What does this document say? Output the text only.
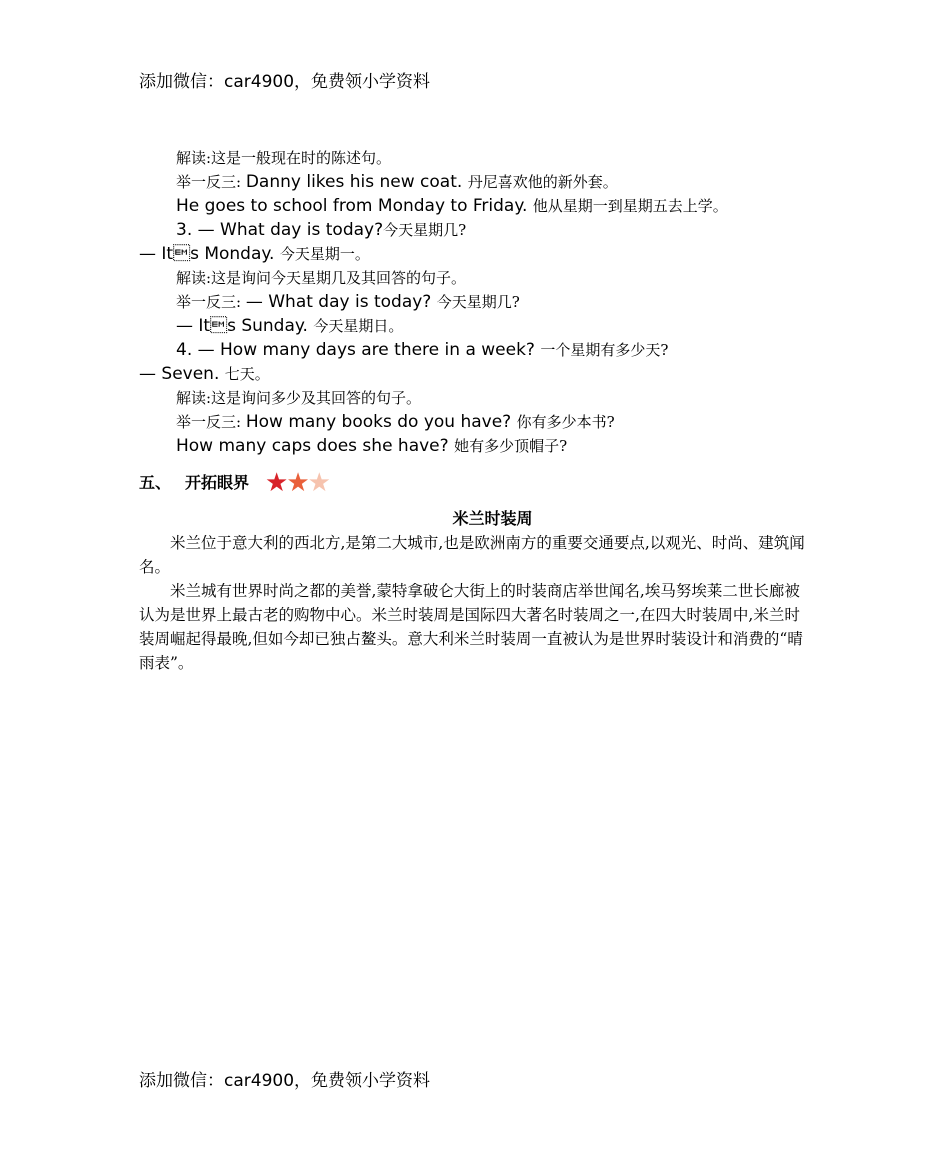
添加微信：car4900，免费领小学资料
解读:这是一般现在时的陈述句。
举一反三: Danny likes his new coat. 丹尼喜欢他的新外套。
He goes to school from Monday to Friday. 他从星期一到星期五去上学。
3. — What day is today?今天星期几?
— Its Monday. 今天星期一。
解读:这是询问今天星期几及其回答的句子。
举一反三: — What day is today? 今天星期几?
— Its Sunday. 今天星期日。
4. — How many days are there in a week? 一个星期有多少天?
— Seven. 七天。
解读:这是询问多少及其回答的句子。
举一反三: How many books do you have? 你有多少本书?
How many caps does she have? 她有多少顶帽子?
五、 开拓眼界 ★
★
★
米兰时装周

米兰位于意大利的西北方,是第二大城市,也是欧洲南方的重要交通要点,以观光、时尚、建筑闻名。

米兰城有世界时尚之都的美誉,蒙特拿破仑大街上的时装商店举世闻名,埃马努埃莱二世长廊被认为是世界上最古老的购物中心。米兰时装周是国际四大著名时装周之一,在四大时装周中,米兰时装周崛起得最晚,但如今却已独占鳌头。意大利米兰时装周一直被认为是世界时装设计和消费的“晴雨表”。

添加微信：car4900，免费领小学资料
